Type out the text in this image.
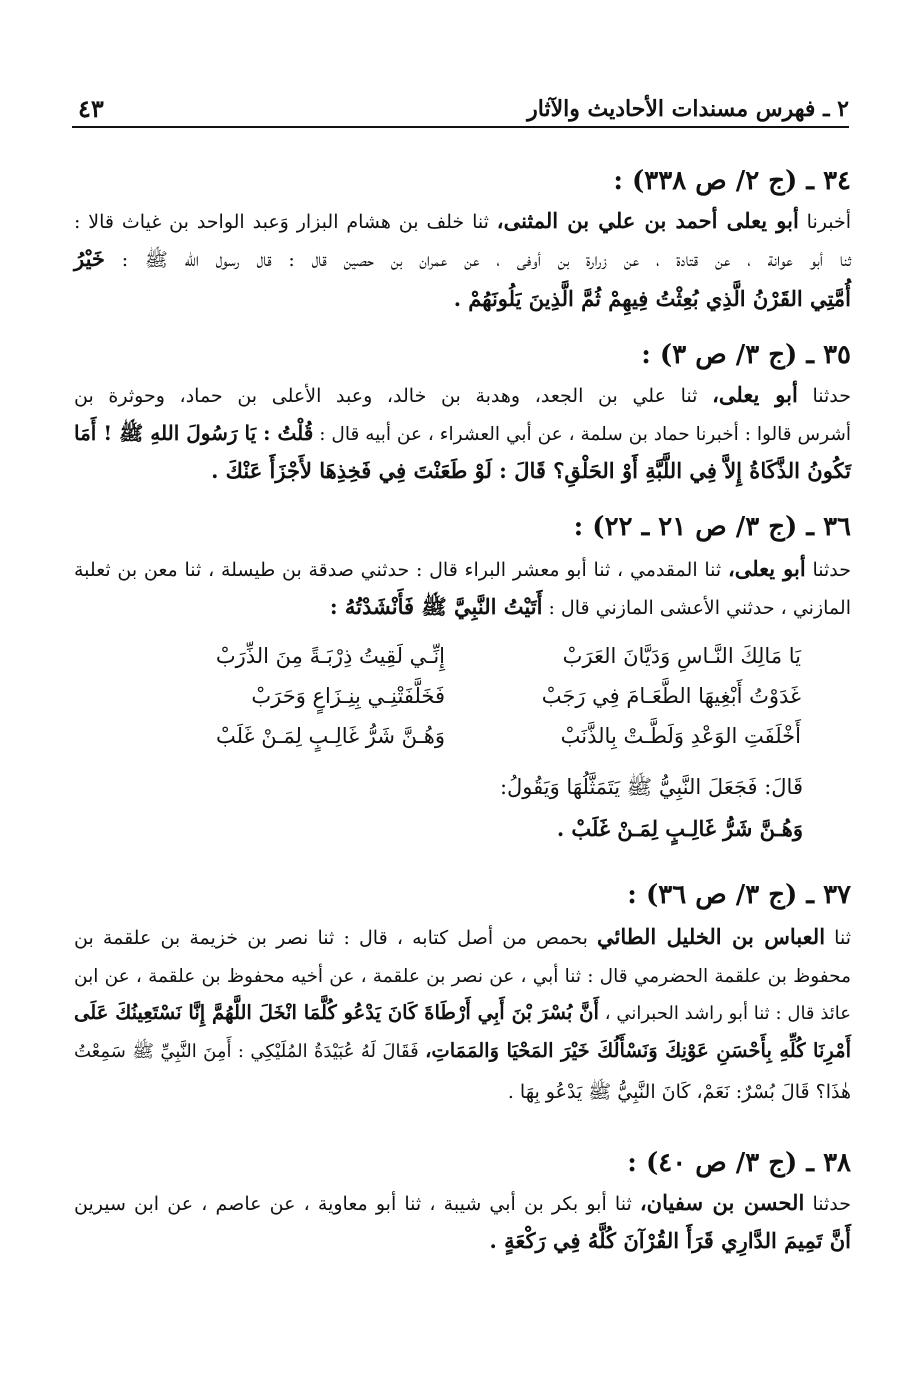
٢ ـ فهرس مسندات الأحاديث والآثار
٤٣
٣٤ ـ (ج ٢/ ص ٣٣٨) :
أخبرنا أبو يعلى أحمد بن علي بن المثنى، ثنا خلف بن هشام البزار وَعبد الواحد بن غياث قالا :
ثنا أبو عوانة ، عن قتادة ، عن زرارة بن أوفى ، عن عمران بن حصين قال : قال رسول الله ﷺ : خَيْرُ
أُمَّتِي القَرْنُ الَّذِي بُعِثْتُ فِيهِمْ ثُمَّ الَّذِينَ يَلُونَهُمْ .
٣٥ ـ (ج ٣/ ص ٣) :
حدثنا أبو يعلى، ثنا علي بن الجعد، وهدبة بن خالد، وعبد الأعلى بن حماد، وحوثرة بن
أشرس قالوا : أخبرنا حماد بن سلمة ، عن أبي العشراء ، عن أبيه قال : قُلْتُ : يَا رَسُولَ اللهِ ﷺ ! أَمَا
تَكُونُ الذَّكَاةُ إِلاَّ فِي اللَّبَّةِ أَوْ الحَلْقِ؟ قَالَ : لَوْ طَعَنْتَ فِي فَخِذِهَا لأَجْزَأَ عَنْكَ .
٣٦ ـ (ج ٣/ ص ٢١ ـ ٢٢) :
حدثنا أبو يعلى، ثنا المقدمي ، ثنا أبو معشر البراء قال : حدثني صدقة بن طيسلة ، ثنا معن بن ثعلبة
المازني ، حدثني الأعشى المازني قال : أَتَيْتُ النَّبِيَّ ﷺ فَأَنْشَدْتُهُ :
يَا مَالِكَ النَّـاسِ وَدَيَّانَ العَرَبْ
إِنِّـي لَقِيتُ ذِرْبَـةً مِنَ الذِّرَبْ
غَدَوْتُ أَبْغِيهَا الطَّعَـامَ فِي رَجَبْ
فَخَلَّفَتْنِـي بِنِـزَاعٍ وَحَرَبْ
أَخْلَفَتِ الوَعْدِ وَلَطَّـتْ بِالذَّنَبْ
وَهُـنَّ شَرُّ غَالِـبٍ لِمَـنْ غَلَبْ
قَالَ: فَجَعَلَ النَّبِيُّ ﷺ يَتَمَثَّلُهَا وَيَقُولُ:
وَهُـنَّ شَرُّ غَالِـبٍ لِمَـنْ غَلَبْ .
٣٧ ـ (ج ٣/ ص ٣٦) :
ثنا العباس بن الخليل الطائي بحمص من أصل كتابه ، قال : ثنا نصر بن خزيمة بن علقمة بن
محفوظ بن علقمة الحضرمي قال : ثنا أبي ، عن نصر بن علقمة ، عن أخيه محفوظ بن علقمة ، عن ابن
عائذ قال : ثنا أبو راشد الحبراني ، أَنَّ بُسْرَ بْنَ أَبِي أَرْطَاةَ كَانَ يَدْعُو كُلَّمَا انْخَلَ اللَّهُمَّ إِنَّا نَسْتَعِينُكَ عَلَى
أَمْرِنَا كُلِّهِ بِأَحْسَنِ عَوْنِكَ وَنَسْأَلُكَ خَيْرَ المَحْيَا وَالمَمَاتِ، فَقَالَ لَهُ عُبَيْدَةُ المُلَيْكِي : أَمِنَ النَّبِيِّ ﷺ سَمِعْتُ
هٰذَا؟ قَالَ بُسْرٌ: نَعَمْ، كَانَ النَّبِيُّ ﷺ يَدْعُو بِهَا .
٣٨ ـ (ج ٣/ ص ٤٠) :
حدثنا الحسن بن سفيان، ثنا أبو بكر بن أبي شيبة ، ثنا أبو معاوية ، عن عاصم ، عن ابن سيرين
أَنَّ تَمِيمَ الدَّارِي قَرَأَ القُرْآنَ كُلَّهُ فِي رَكْعَةٍ .
